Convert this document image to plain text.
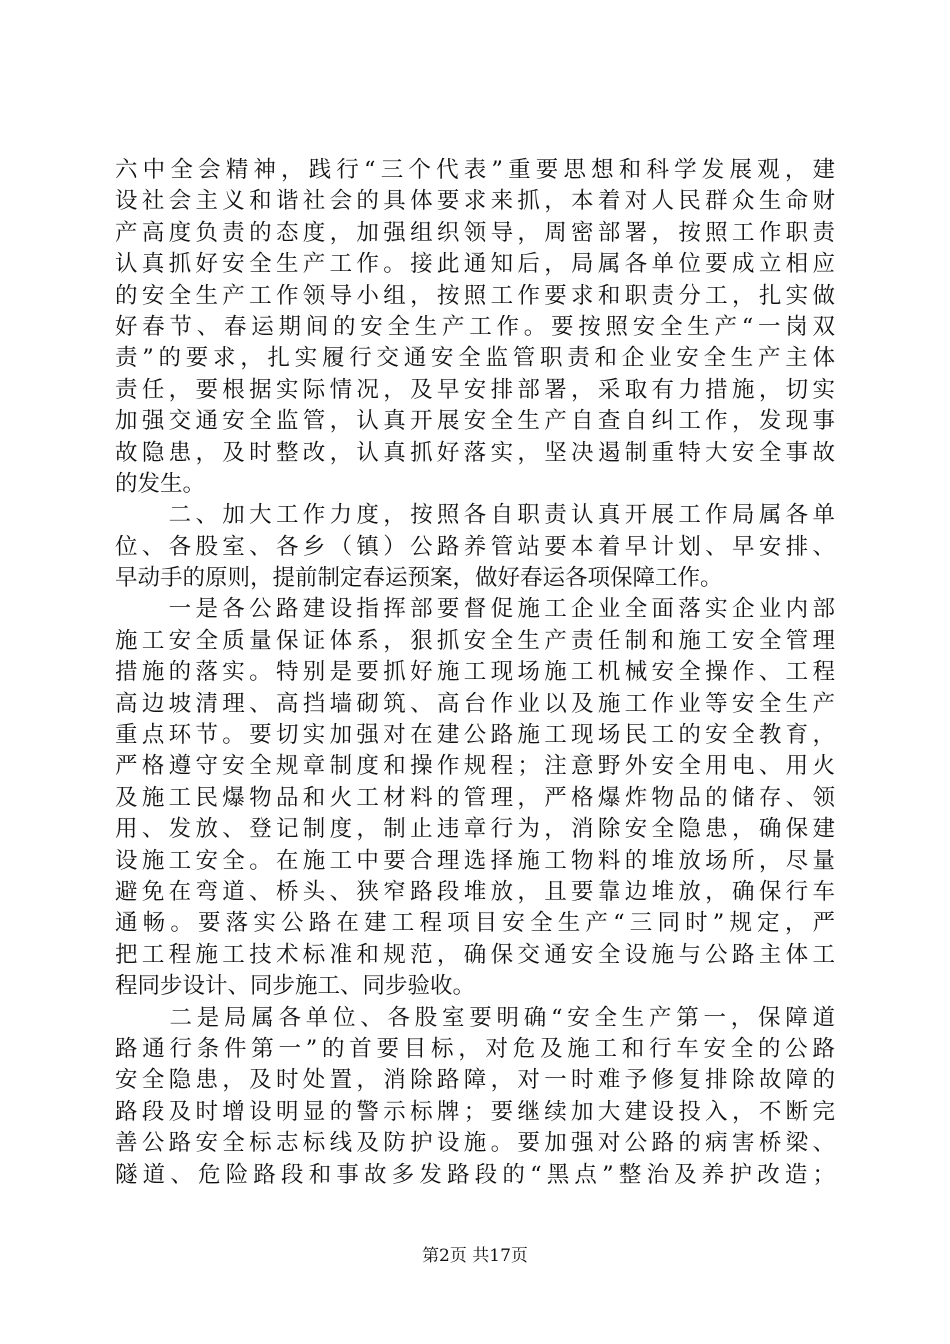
六中全会精神，践行“三个代表”重要思想和科学发展观，建
设社会主义和谐社会的具体要求来抓，本着对人民群众生命财
产高度负责的态度，加强组织领导，周密部署，按照工作职责
认真抓好安全生产工作。接此通知后，局属各单位要成立相应
的安全生产工作领导小组，按照工作要求和职责分工，扎实做
好春节、春运期间的安全生产工作。要按照安全生产“一岗双
责”的要求，扎实履行交通安全监管职责和企业安全生产主体
责任，要根据实际情况，及早安排部署，采取有力措施，切实
加强交通安全监管，认真开展安全生产自查自纠工作，发现事
故隐患，及时整改，认真抓好落实，坚决遏制重特大安全事故
的发生。
　　二、加大工作力度，按照各自职责认真开展工作局属各单
位、各股室、各乡（镇）公路养管站要本着早计划、早安排、
早动手的原则，提前制定春运预案，做好春运各项保障工作。
　　一是各公路建设指挥部要督促施工企业全面落实企业内部
施工安全质量保证体系，狠抓安全生产责任制和施工安全管理
措施的落实。特别是要抓好施工现场施工机械安全操作、工程
高边坡清理、高挡墙砌筑、高台作业以及施工作业等安全生产
重点环节。要切实加强对在建公路施工现场民工的安全教育，
严格遵守安全规章制度和操作规程；注意野外安全用电、用火
及施工民爆物品和火工材料的管理，严格爆炸物品的储存、领
用、发放、登记制度，制止违章行为，消除安全隐患，确保建
设施工安全。在施工中要合理选择施工物料的堆放场所，尽量
避免在弯道、桥头、狭窄路段堆放，且要靠边堆放，确保行车
通畅。要落实公路在建工程项目安全生产“三同时”规定，严
把工程施工技术标准和规范，确保交通安全设施与公路主体工
程同步设计、同步施工、同步验收。
　　二是局属各单位、各股室要明确“安全生产第一，保障道
路通行条件第一”的首要目标，对危及施工和行车安全的公路
安全隐患，及时处置，消除路障，对一时难予修复排除故障的
路段及时增设明显的警示标牌；要继续加大建设投入，不断完
善公路安全标志标线及防护设施。要加强对公路的病害桥梁、
隧道、危险路段和事故多发路段的“黑点”整治及养护改造；
第2页 共17页
